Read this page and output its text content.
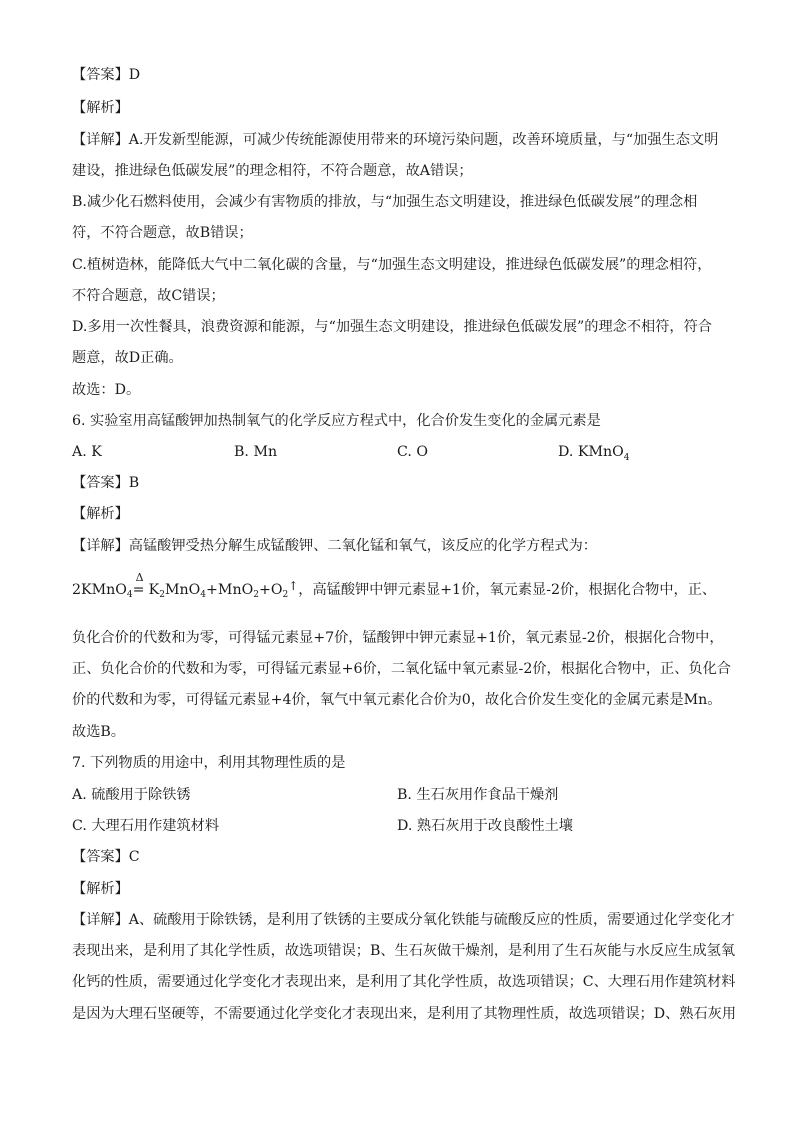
【答案】D
【解析】
【详解】A.开发新型能源，可减少传统能源使用带来的环境污染问题，改善环境质量，与“加强生态文明
建设，推进绿色低碳发展”的理念相符，不符合题意，故A错误；
B.减少化石燃料使用，会减少有害物质的排放，与“加强生态文明建设，推进绿色低碳发展”的理念相
符，不符合题意，故B错误；
C.植树造林，能降低大气中二氧化碳的含量，与“加强生态文明建设，推进绿色低碳发展”的理念相符，
不符合题意，故C错误；
D.多用一次性餐具，浪费资源和能源，与“加强生态文明建设，推进绿色低碳发展”的理念不相符，符合
题意，故D正确。
故选：D。
6. 实验室用高锰酸钾加热制氧气的化学反应方程式中，化合价发生变化的金属元素是
A. K	B. Mn	C. O	D. KMnO$_4$
【答案】B
【解析】
【详解】高锰酸钾受热分解生成锰酸钾、二氧化锰和氧气，该反应的化学方程式为：
2KMnO$_4$
Δ
= $K_2MnO_4+MnO_2+O_2↑$，高锰酸钾中钾元素显+1价，氧元素显-2价，根据化合物中，正、
负化合价的代数和为零，可得锰元素显+7价，锰酸钾中钾元素显+1价，氧元素显-2价，根据化合物中，
正、负化合价的代数和为零，可得锰元素显+6价，二氧化锰中氧元素显-2价，根据化合物中，正、负化合
价的代数和为零，可得锰元素显+4价，氧气中氧元素化合价为0，故化合价发生变化的金属元素是Mn。
故选B。
7. 下列物质的用途中，利用其物理性质的是
A. 硫酸用于除铁锈	B. 生石灰用作食品干燥剂
C. 大理石用作建筑材料	D. 熟石灰用于改良酸性土壤
【答案】C
【解析】
【详解】A、硫酸用于除铁锈，是利用了铁锈的主要成分氧化铁能与硫酸反应的性质，需要通过化学变化才
表现出来，是利用了其化学性质，故选项错误；B、生石灰做干燥剂，是利用了生石灰能与水反应生成氢氧
化钙的性质，需要通过化学变化才表现出来，是利用了其化学性质，故选项错误；C、大理石用作建筑材料
是因为大理石坚硬等，不需要通过化学变化才表现出来，是利用了其物理性质，故选项错误；D、熟石灰用
